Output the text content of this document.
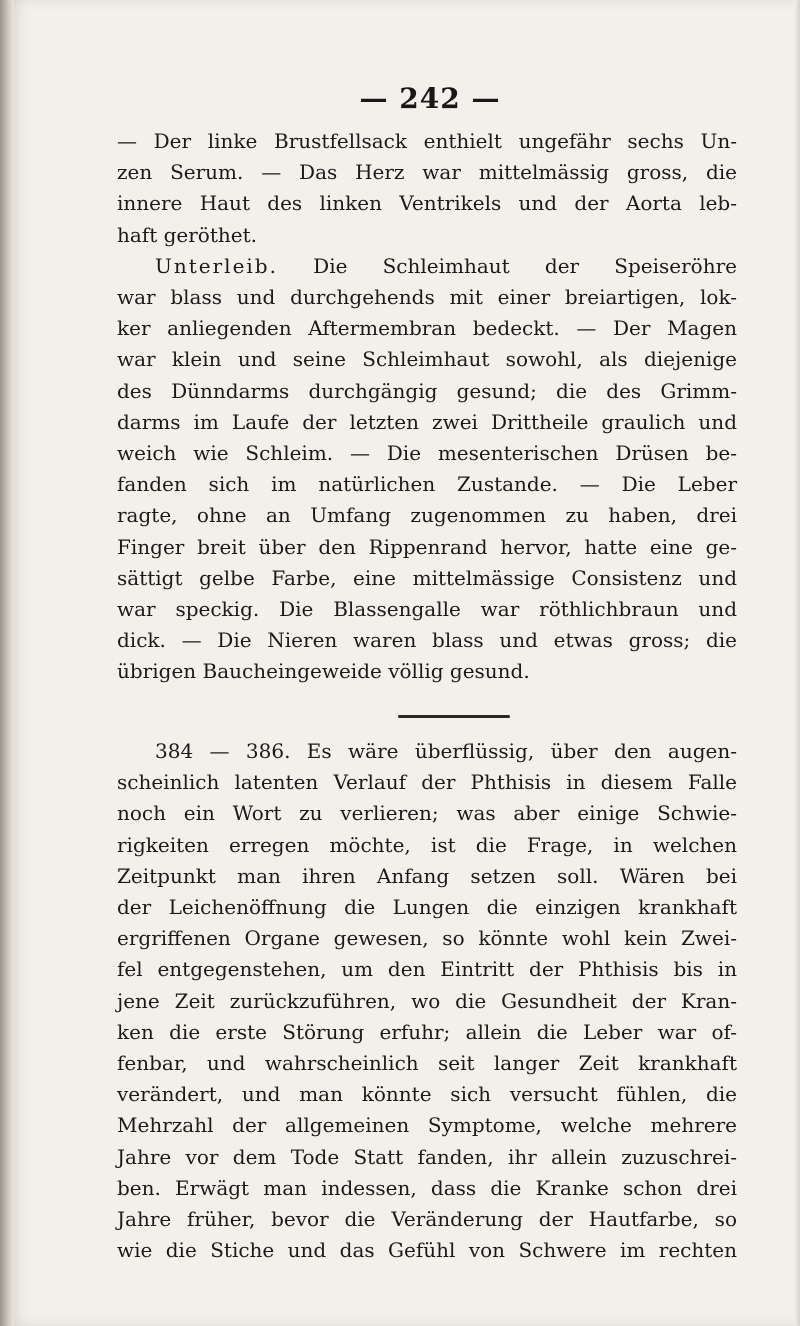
— 242 —
— Der linke Brustfellsack enthielt ungefähr sechs Un-
zen Serum. — Das Herz war mittelmässig gross, die
innere Haut des linken Ventrikels und der Aorta leb-
haft geröthet.
Unterleib. Die Schleimhaut der Speiseröhre
war blass und durchgehends mit einer breiartigen, lok-
ker anliegenden Aftermembran bedeckt. — Der Magen
war klein und seine Schleimhaut sowohl, als diejenige
des Dünndarms durchgängig gesund; die des Grimm-
darms im Laufe der letzten zwei Drittheile graulich und
weich wie Schleim. — Die mesenterischen Drüsen be-
fanden sich im natürlichen Zustande. — Die Leber
ragte, ohne an Umfang zugenommen zu haben, drei
Finger breit über den Rippenrand hervor, hatte eine ge-
sättigt gelbe Farbe, eine mittelmässige Consistenz und
war speckig. Die Blassengalle war röthlichbraun und
dick. — Die Nieren waren blass und etwas gross; die
übrigen Baucheingeweide völlig gesund.
384 — 386. Es wäre überflüssig, über den augen-
scheinlich latenten Verlauf der Phthisis in diesem Falle
noch ein Wort zu verlieren; was aber einige Schwie-
rigkeiten erregen möchte, ist die Frage, in welchen
Zeitpunkt man ihren Anfang setzen soll. Wären bei
der Leichenöffnung die Lungen die einzigen krankhaft
ergriffenen Organe gewesen, so könnte wohl kein Zwei-
fel entgegenstehen, um den Eintritt der Phthisis bis in
jene Zeit zurückzuführen, wo die Gesundheit der Kran-
ken die erste Störung erfuhr; allein die Leber war of-
fenbar, und wahrscheinlich seit langer Zeit krankhaft
verändert, und man könnte sich versucht fühlen, die
Mehrzahl der allgemeinen Symptome, welche mehrere
Jahre vor dem Tode Statt fanden, ihr allein zuzuschrei-
ben. Erwägt man indessen, dass die Kranke schon drei
Jahre früher, bevor die Veränderung der Hautfarbe, so
wie die Stiche und das Gefühl von Schwere im rechten
